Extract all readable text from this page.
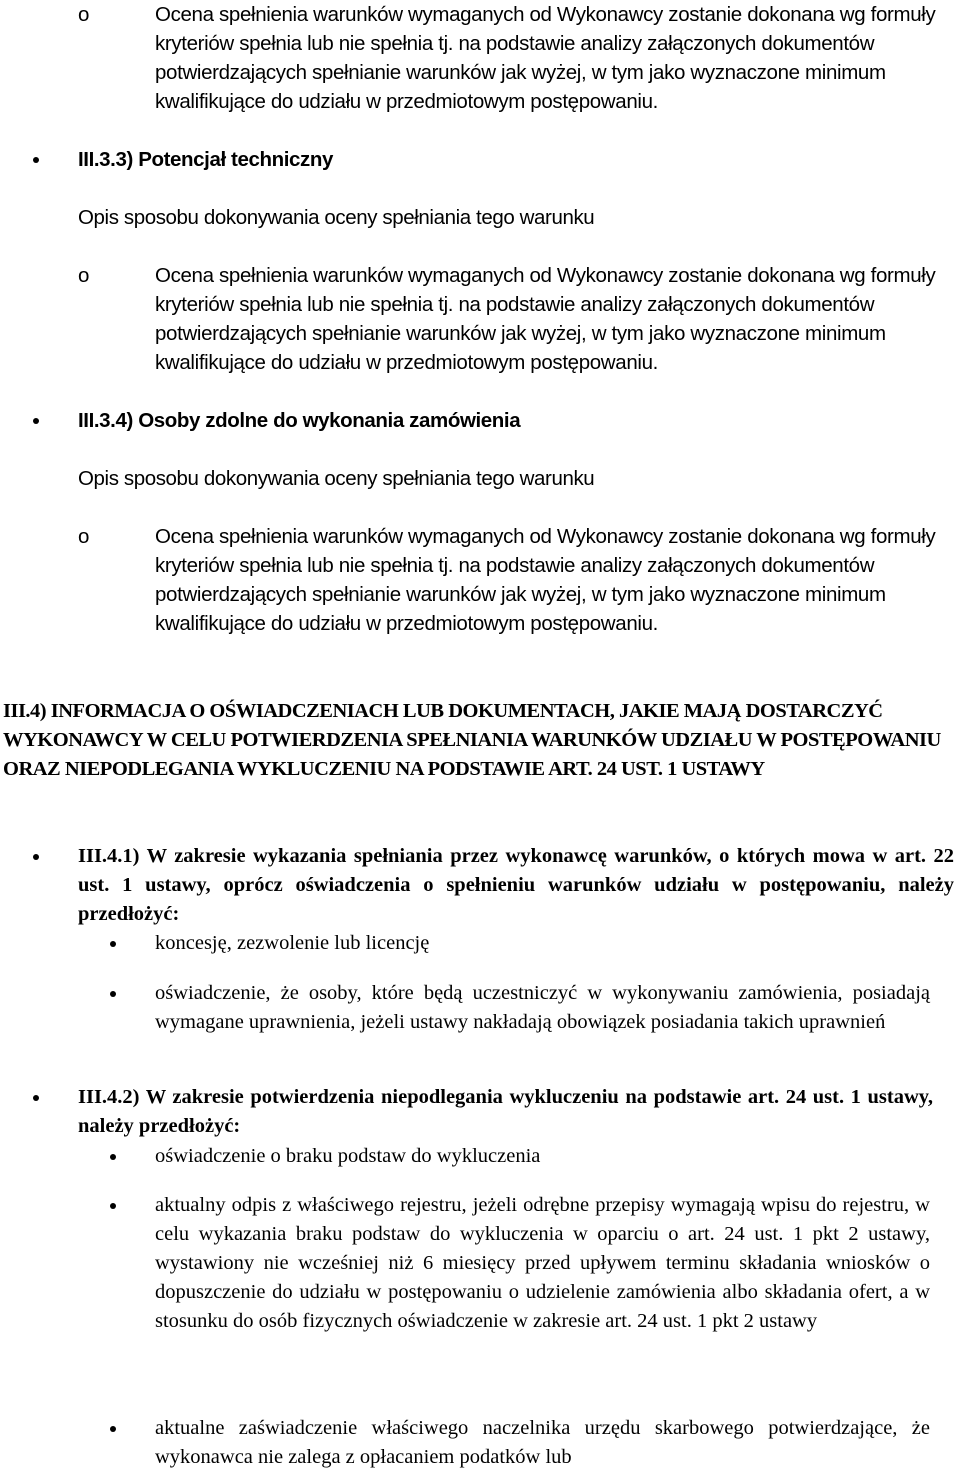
o	Ocena spełnienia warunków wymaganych od Wykonawcy zostanie dokonana wg formuły kryteriów spełnia lub nie spełnia tj. na podstawie analizy załączonych dokumentów potwierdzających spełnianie warunków jak wyżej, w tym jako wyznaczone minimum kwalifikujące do udziału w przedmiotowym postępowaniu.
III.3.3) Potencjał techniczny
Opis sposobu dokonywania oceny spełniania tego warunku
o	Ocena spełnienia warunków wymaganych od Wykonawcy zostanie dokonana wg formuły kryteriów spełnia lub nie spełnia tj. na podstawie analizy załączonych dokumentów potwierdzających spełnianie warunków jak wyżej, w tym jako wyznaczone minimum kwalifikujące do udziału w przedmiotowym postępowaniu.
III.3.4) Osoby zdolne do wykonania zamówienia
Opis sposobu dokonywania oceny spełniania tego warunku
o	Ocena spełnienia warunków wymaganych od Wykonawcy zostanie dokonana wg formuły kryteriów spełnia lub nie spełnia tj. na podstawie analizy załączonych dokumentów potwierdzających spełnianie warunków jak wyżej, w tym jako wyznaczone minimum kwalifikujące do udziału w przedmiotowym postępowaniu.
III.4) INFORMACJA O OŚWIADCZENIACH LUB DOKUMENTACH, JAKIE MAJĄ DOSTARCZYĆ WYKONAWCY W CELU POTWIERDZENIA SPEŁNIANIA WARUNKÓW UDZIAŁU W POSTĘPOWANIU ORAZ NIEPODLEGANIA WYKLUCZENIU NA PODSTAWIE ART. 24 UST. 1 USTAWY
III.4.1) W zakresie wykazania spełniania przez wykonawcę warunków, o których mowa w art. 22 ust. 1 ustawy, oprócz oświadczenia o spełnieniu warunków udziału w postępowaniu, należy przedłożyć:
koncesję, zezwolenie lub licencję
oświadczenie, że osoby, które będą uczestniczyć w wykonywaniu zamówienia, posiadają wymagane uprawnienia, jeżeli ustawy nakładają obowiązek posiadania takich uprawnień
III.4.2) W zakresie potwierdzenia niepodlegania wykluczeniu na podstawie art. 24 ust. 1 ustawy, należy przedłożyć:
oświadczenie o braku podstaw do wykluczenia
aktualny odpis z właściwego rejestru, jeżeli odrębne przepisy wymagają wpisu do rejestru, w celu wykazania braku podstaw do wykluczenia w oparciu o art. 24 ust. 1 pkt 2 ustawy, wystawiony nie wcześniej niż 6 miesięcy przed upływem terminu składania wniosków o dopuszczenie do udziału w postępowaniu o udzielenie zamówienia albo składania ofert, a w stosunku do osób fizycznych oświadczenie w zakresie art. 24 ust. 1 pkt 2 ustawy
aktualne zaświadczenie właściwego naczelnika urzędu skarbowego potwierdzające, że wykonawca nie zalega z opłacaniem podatków lub
